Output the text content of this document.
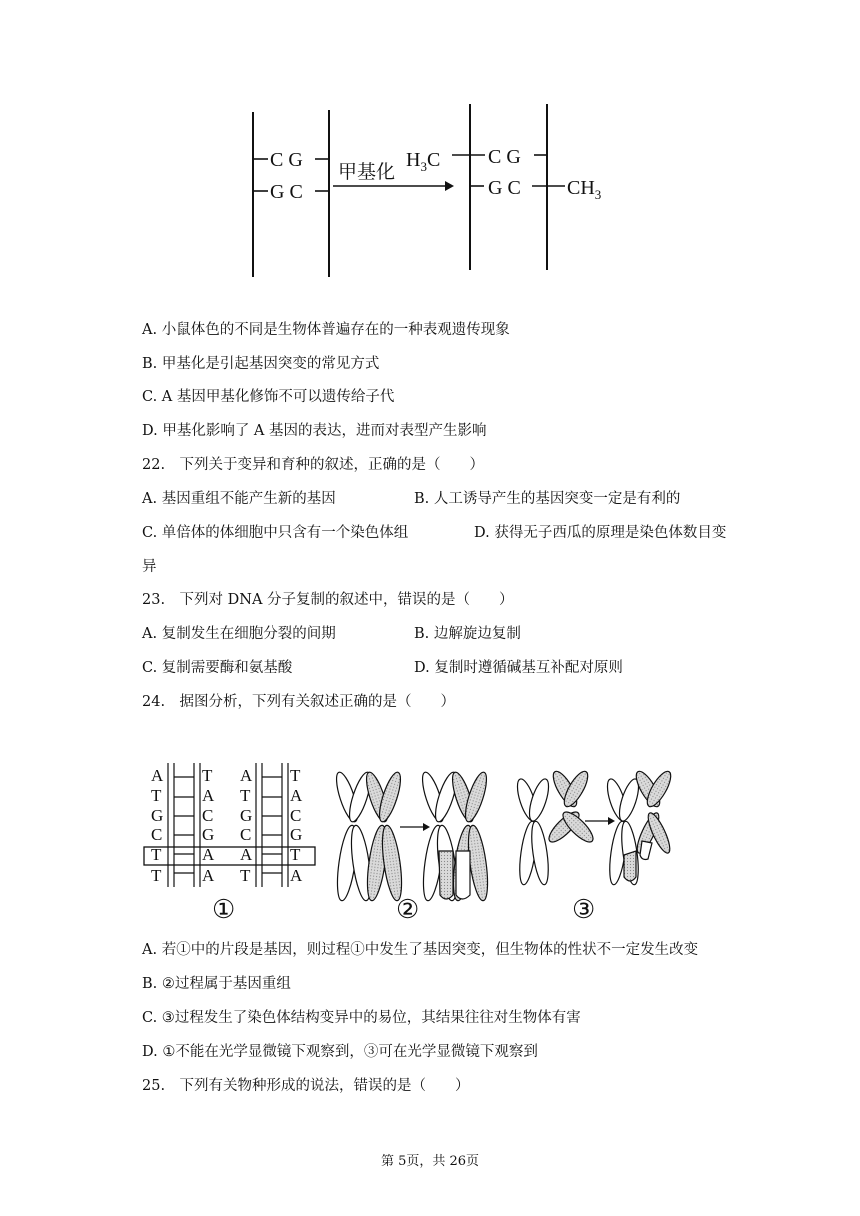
C G
G C
甲基化
$H_3C$ C G
G C $CH_3$
A. 小鼠体色的不同是生物体普遍存在的一种表观遗传现象
B. 甲基化是引起基因突变的常见方式
C. A 基因甲基化修饰不可以遗传给子代
D. 甲基化影响了 A 基因的表达，进而对表型产生影响
22.　下列关于变异和育种的叙述，正确的是（　　）
A. 基因重组不能产生新的基因	B. 人工诱导产生的基因突变一定是有利的
C. 单倍体的体细胞中只含有一个染色体组	D. 获得无子西瓜的原理是染色体数目变
异
23.　下列对 DNA 分子复制的叙述中，错误的是（　　）
A. 复制发生在细胞分裂的间期	B. 边解旋边复制
C. 复制需要酶和氨基酸	D. 复制时遵循碱基互补配对原则
24.　据图分析，下列有关叙述正确的是（　　）
A
T
G
C
T
T
T
A
C
G
A
A
A
T
G
C
A
T
T
A
C
G
T
A
①	②	③
A. 若①中的片段是基因，则过程①中发生了基因突变，但生物体的性状不一定发生改变
B. ②过程属于基因重组
C. ③过程发生了染色体结构变异中的易位，其结果往往对生物体有害
D. ①不能在光学显微镜下观察到，③可在光学显微镜下观察到
25.　下列有关物种形成的说法，错误的是（　　）
第 5页，共 26页
